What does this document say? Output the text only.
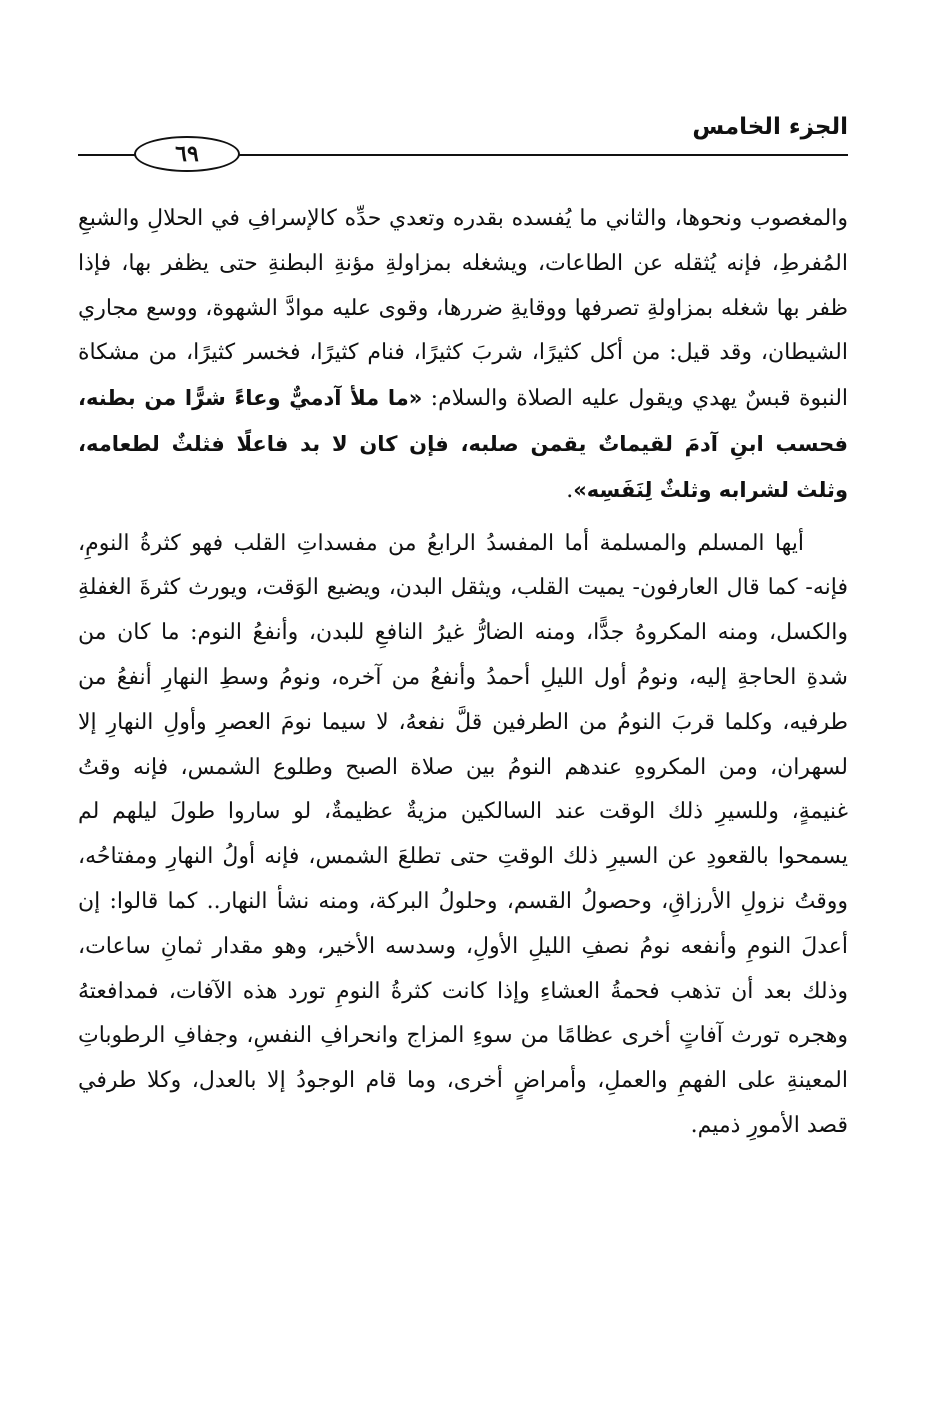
الجزء الخامس
٦٩

والمغصوب ونحوها، والثاني ما يُفسده بقدره وتعدي حدِّه كالإسرافِ في الحلالِ والشبعِ المُفرطِ، فإنه يُثقله عن الطاعات، ويشغله بمزاولةِ مؤنةِ البطنةِ حتى يظفر بها، فإذا ظفر بها شغله بمزاولةِ تصرفها ووقايةِ ضررها، وقوى عليه موادَّ الشهوة، ووسع مجاري الشيطان، وقد قيل: من أكل كثيرًا، شربَ كثيرًا، فنام كثيرًا، فخسر كثيرًا، من مشكاة النبوة قبسٌ يهدي ويقول عليه الصلاة والسلام: «ما ملأ آدميٌّ وعاءً شرًّا من بطنه، فحسب ابنِ آدمَ لقيماتٌ يقمن صلبه، فإن كان لا بد فاعلًا فثلثٌ لطعامه، وثلث لشرابه وثلثٌ لِنَفَسِه».

أيها المسلم والمسلمة أما المفسدُ الرابعُ من مفسداتِ القلب فهو كثرةُ النومِ، فإنه- كما قال العارفون- يميت القلب، ويثقل البدن، ويضيع الوَقت، ويورث كثرةَ الغفلةِ والكسل، ومنه المكروهُ جدًّا، ومنه الضارُّ غيرُ النافعِ للبدن، وأنفعُ النوم: ما كان من شدةِ الحاجةِ إليه، ونومُ أول الليلِ أحمدُ وأنفعُ من آخره، ونومُ وسطِ النهارِ أنفعُ من طرفيه، وكلما قربَ النومُ من الطرفين قلَّ نفعهُ، لا سيما نومَ العصرِ وأولِ النهارِ إلا لسهران، ومن المكروهِ عندهم النومُ بين صلاة الصبح وطلوع الشمس، فإنه وقتُ غنيمةٍ، وللسيرِ ذلك الوقت عند السالكين مزيةٌ عظيمةٌ، لو ساروا طولَ ليلهم لم يسمحوا بالقعودِ عن السيرِ ذلك الوقتِ حتى تطلعَ الشمس، فإنه أولُ النهارِ ومفتاحُه، ووقتُ نزولِ الأرزاقِ، وحصولُ القسم، وحلولُ البركة، ومنه نشأ النهار.. كما قالوا: إن أعدلَ النومِ وأنفعه نومُ نصفِ الليلِ الأولِ، وسدسه الأخير، وهو مقدار ثمانِ ساعات، وذلك بعد أن تذهب فحمةُ العشاءِ وإذا كانت كثرةُ النومِ تورد هذه الآفات، فمدافعتهُ وهجره تورث آفاتٍ أخرى عظامًا من سوءِ المزاج وانحرافِ النفسِ، وجفافِ الرطوباتِ المعينةِ على الفهمِ والعملِ، وأمراضٍ أخرى، وما قام الوجودُ إلا بالعدل، وكلا طرفي قصد الأمورِ ذميم.
